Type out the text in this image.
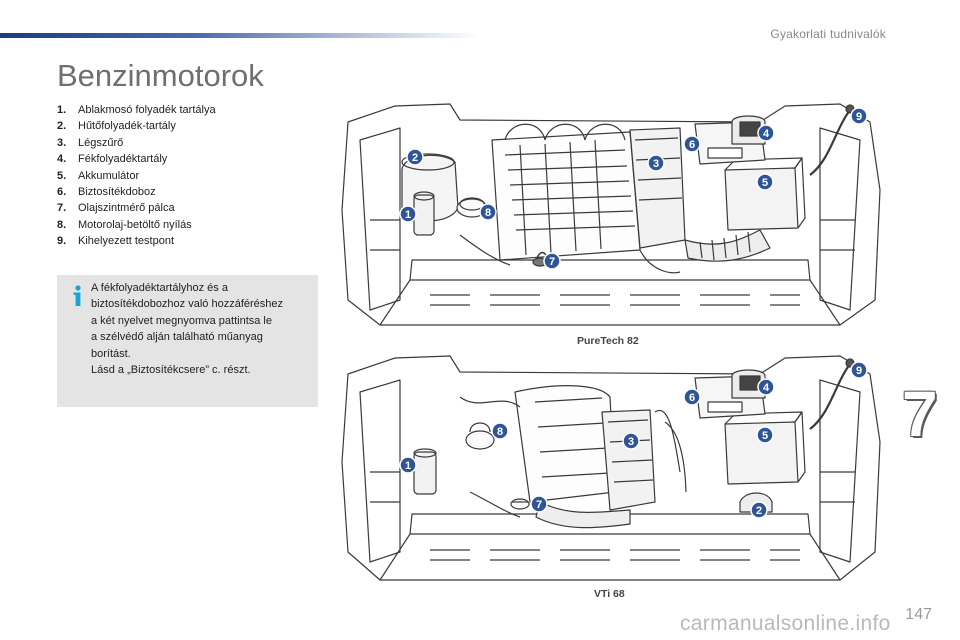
Gyakorlati tudnivalók
Benzinmotorok
1. Ablakmosó folyadék tartálya
2. Hűtőfolyadék-tartály
3. Légszűrő
4. Fékfolyadéktartály
5. Akkumulátor
6. Biztosítékdoboz
7. Olajszintmérő pálca
8. Motorolaj-betöltő nyílás
9. Kihelyezett testpont

A fékfolyadéktartályhoz és a

biztosítékdobozhoz való hozzáféréshez

a két nyelvet megnyomva pattintsa le

a szélvédő alján található műanyag

borítást.

Lásd a „Biztosítékcsere” c. részt.

1
2	3
4
5
6
7
8
9
PureTech 82
1
2
3
4
5
6
7
8
9
VTi 68
7
carmanualsonline.info 147
